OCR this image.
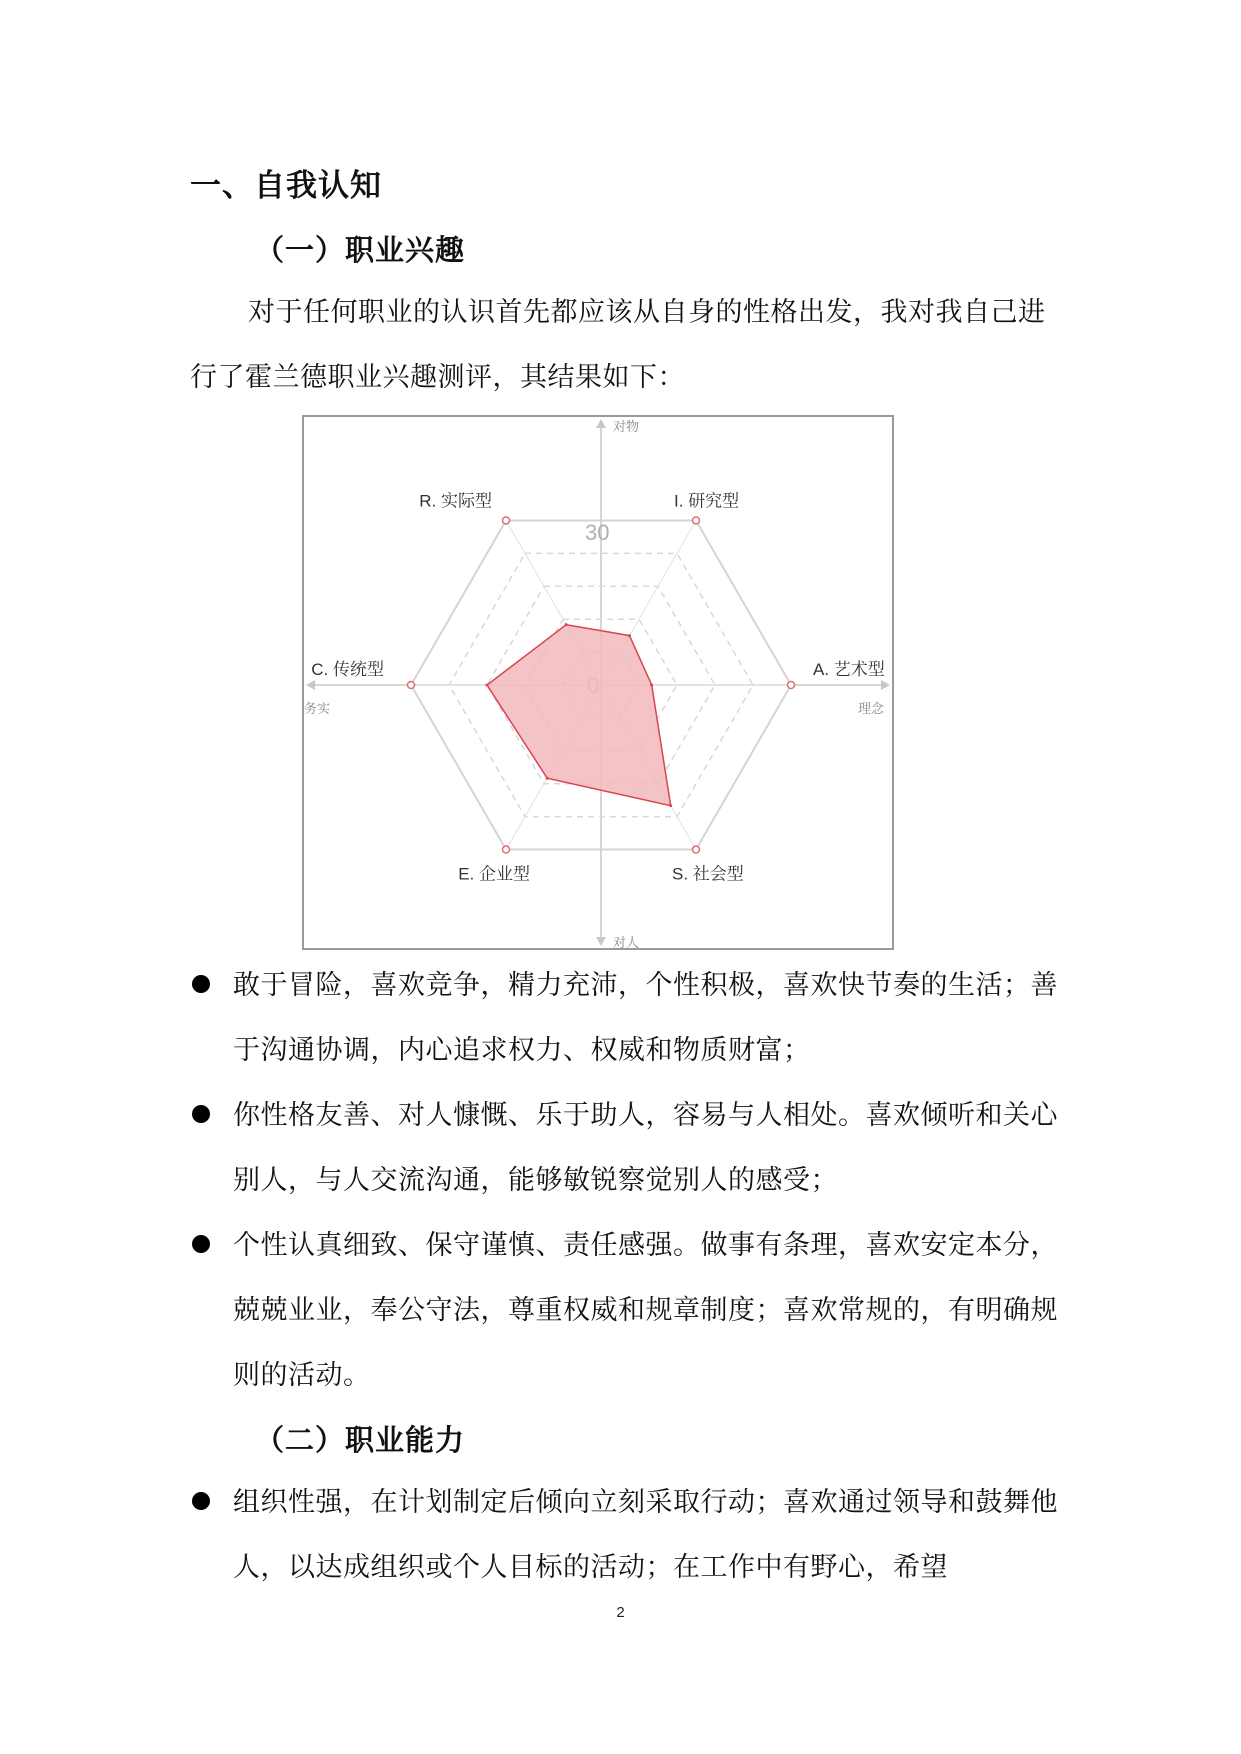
一、自我认知
（一）职业兴趣
对于任何职业的认识首先都应该从自身的性格出发，我对我自己进行了霍兰德职业兴趣测评，其结果如下：
对物
对人
务实	理念
30
R. 实际型	I. 研究型
A. 艺术型
S. 社会型
E. 企业型
C. 传统型
敢于冒险，喜欢竞争，精力充沛，个性积极，喜欢快节奏的生活；善于沟通协调，内心追求权力、权威和物质财富；
你性格友善、对人慷慨、乐于助人，容易与人相处。喜欢倾听和关心别人，与人交流沟通，能够敏锐察觉别人的感受；
个性认真细致、保守谨慎、责任感强。做事有条理，喜欢安定本分，兢兢业业，奉公守法，尊重权威和规章制度；喜欢常规的，有明确规则的活动。
（二）职业能力
组织性强，在计划制定后倾向立刻采取行动；喜欢通过领导和鼓舞他人，以达成组织或个人目标的活动；在工作中有野心，希望
2
